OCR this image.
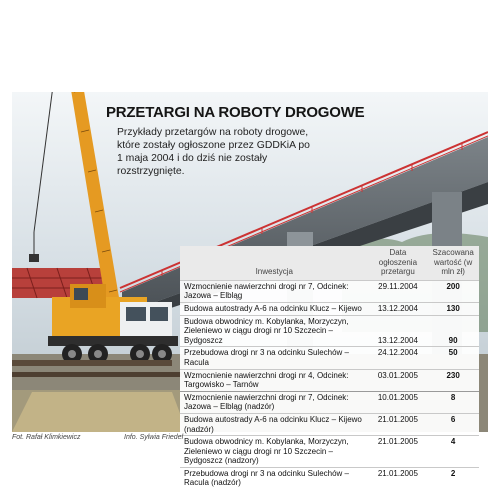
PRZETARGI NA ROBOTY DROGOWE

Przykłady przetargów na roboty drogowe, które zostały ogłoszone przez GDDKiA po 1 maja 2004 i do dziś nie zostały rozstrzygnięte.

Inwestycja	Data ogłoszenia przetargu	Szacowana wartość (w mln zł)
Wzmocnienie nawierzchni drogi nr 7, Odcinek: Jazowa – Elbląg	29.11.2004	200
Budowa autostrady A-6 na odcinku Klucz – Kijewo	13.12.2004	130
Budowa obwodnicy m. Kobylanka, Morzyczyn, Zieleniewo w ciągu drogi nr 10 Szczecin – Bydgoszcz	13.12.2004	90
Przebudowa drogi nr 3 na odcinku Sulechów – Racula	24.12.2004	50
Wzmocnienie nawierzchni drogi nr 4, Odcinek: Targowisko – Tarnów	03.01.2005	230
Wzmocnienie nawierzchni drogi nr 7, Odcinek: Jazowa – Elbląg (nadzór)	10.01.2005	8
Budowa autostrady A-6 na odcinku Klucz – Kijewo (nadzór)	21.01.2005	6
Budowa obwodnicy m. Kobylanka, Morzyczyn, Zieleniewo w ciągu drogi nr 10 Szczecin – Bydgoszcz (nadzory)	21.01.2005	4
Przebudowa drogi nr 3 na odcinku Sulechów – Racula (nadzór)	21.01.2005	2
Fot. Rafał Klimkiewicz	Info. Sylwia Friedel
